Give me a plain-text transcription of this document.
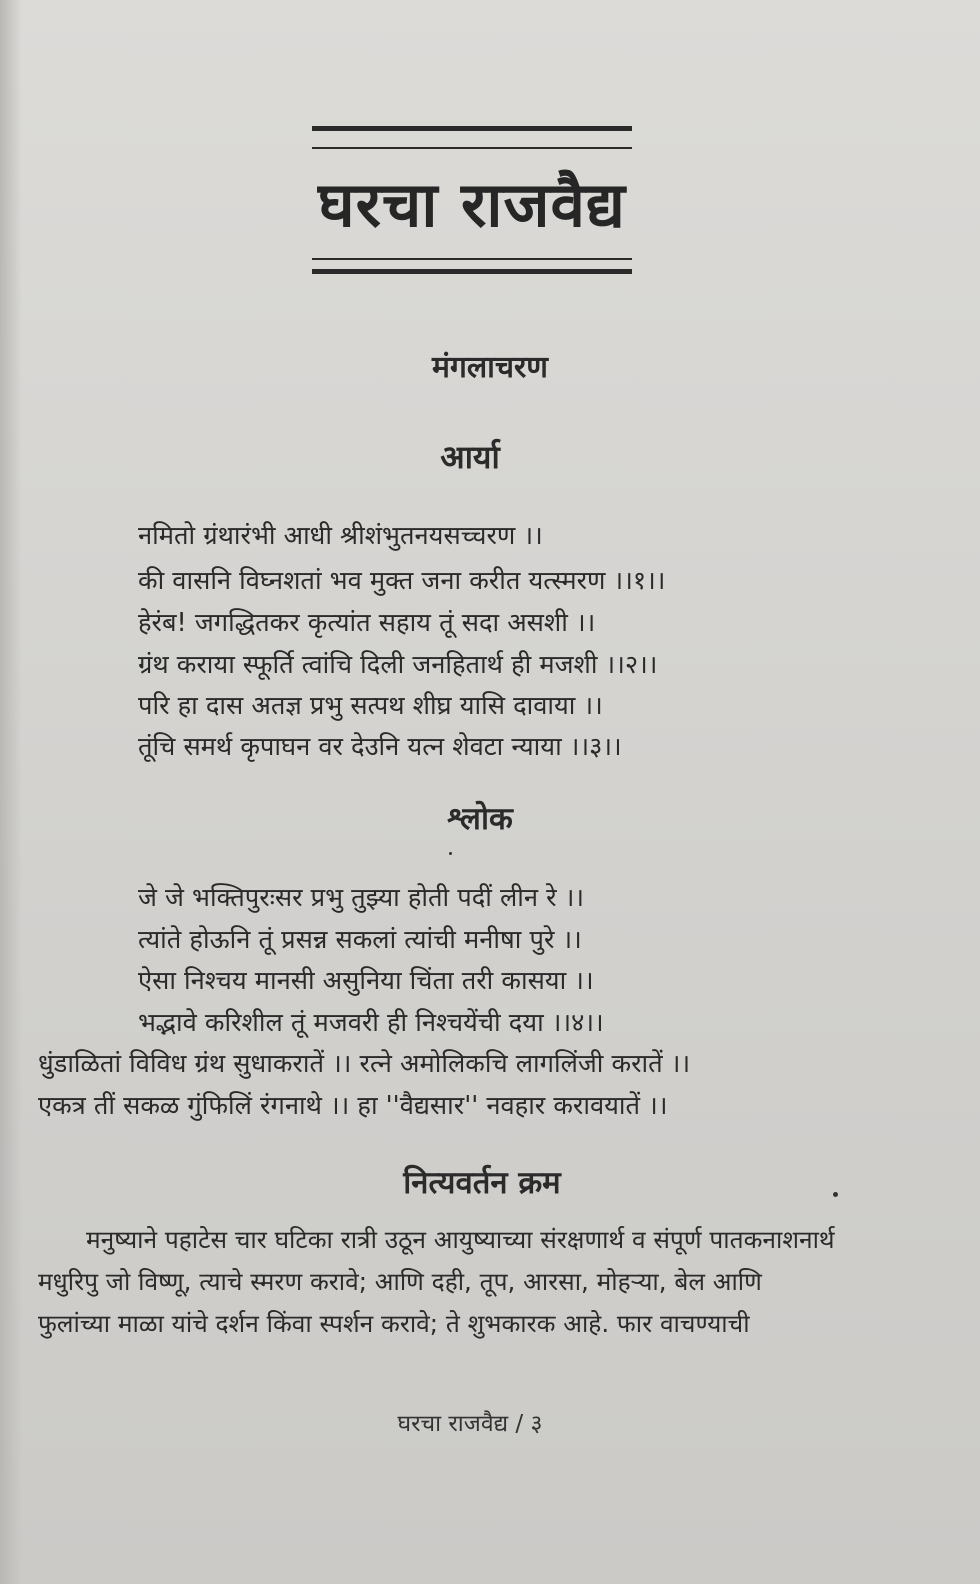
घरचा राजवैद्य
मंगलाचरण
आर्या
नमितो ग्रंथारंभी आधी श्रीशंभुतनयसच्चरण ।।
की वासनि विघ्नशतां भव मुक्त जना करीत यत्स्मरण ।।१।।
हेरंब! जगद्धितकर कृत्यांत सहाय तूं सदा असशी ।।
ग्रंथ कराया स्फूर्ति त्वांचि दिली जनहितार्थ ही मजशी ।।२।।
परि हा दास अतज्ञ प्रभु सत्पथ शीघ्र यासि दावाया ।।
तूंचि समर्थ कृपाघन वर देउनि यत्न शेवटा न्याया ।।३।।
श्लोक
जे जे भक्तिपुरःसर प्रभु तुझ्या होती पदीं लीन रे ।।
त्यांते होऊनि तूं प्रसन्न सकलां त्यांची मनीषा पुरे ।।
ऐसा निश्चय मानसी असुनिया चिंता तरी कासया ।।
भद्भावे करिशील तूं मजवरी ही निश्चयेंची दया ।।४।।
धुंडाळितां विविध ग्रंथ सुधाकरातें ।। रत्ने अमोलिकचि लागलिंजी करातें ।।
एकत्र तीं सकळ गुंफिलिं रंगनाथे ।। हा ''वैद्यसार'' नवहार करावयातें ।।
नित्यवर्तन क्रम
मनुष्याने पहाटेस चार घटिका रात्री उठून आयुष्याच्या संरक्षणार्थ व संपूर्ण पातकनाशनार्थ
मधुरिपु जो विष्णू, त्याचे स्मरण करावे; आणि दही, तूप, आरसा, मोहऱ्या, बेल आणि
फुलांच्या माळा यांचे दर्शन किंवा स्पर्शन करावे; ते शुभकारक आहे. फार वाचण्याची
घरचा राजवैद्य / ३
